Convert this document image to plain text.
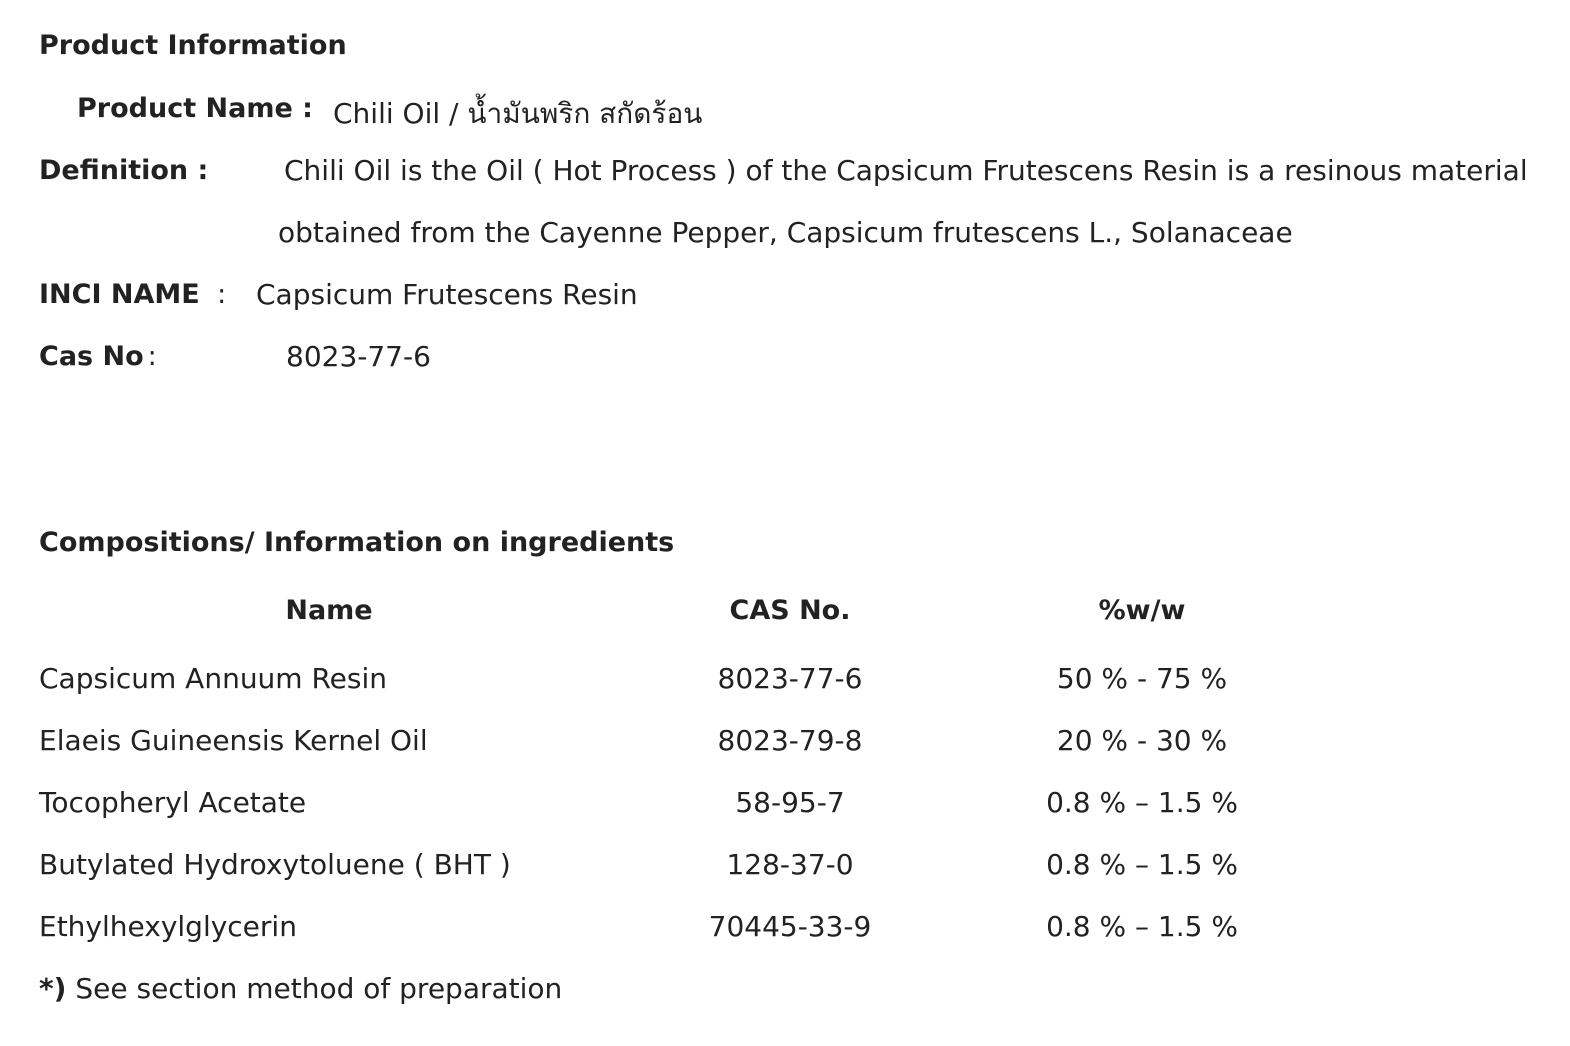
Product Information
Product Name : Chili Oil / น้ำมันพริก สกัดร้อน
Definition :	Chili Oil is the Oil ( Hot Process ) of the Capsicum Frutescens Resin is a resinous material
obtained from the Cayenne Pepper, Capsicum frutescens L., Solanaceae
INCI NAME : Capsicum Frutescens Resin
Cas No :	8023-77-6
Compositions/ Information on ingredients
Name	CAS No.	%w/w
Capsicum Annuum Resin	8023-77-6	50 % - 75 %
Elaeis Guineensis Kernel Oil	8023-79-8	20 % - 30 %
Tocopheryl Acetate	58-95-7	0.8 % – 1.5 %
Butylated Hydroxytoluene ( BHT )	128-37-0	0.8 % – 1.5 %
Ethylhexylglycerin	70445-33-9	0.8 % – 1.5 %
*) See section method of preparation
